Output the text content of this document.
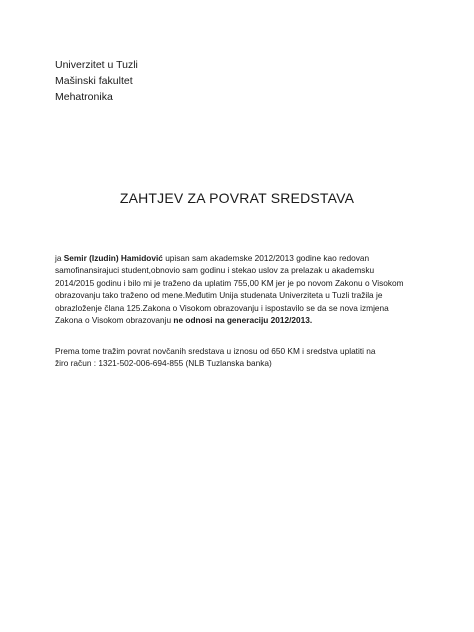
Univerzitet u Tuzli
Mašinski fakultet
Mehatronika
ZAHTJEV ZA POVRAT SREDSTAVA
ja Semir (Izudin) Hamidović upisan sam akademske 2012/2013 godine kao redovan
samofinansirajuci student,obnovio sam godinu i stekao uslov za prelazak u akademsku
2014/2015 godinu i bilo mi je traženo da uplatim 755,00 KM jer je po novom Zakonu o Visokom
obrazovanju tako traženo od mene.Međutim Unija studenata Univerziteta u Tuzli tražila je
obrazloženje člana 125.Zakona o Visokom obrazovanju i ispostavilo se da se nova izmjena
Zakona o Visokom obrazovanju ne odnosi na generaciju 2012/2013.
Prema tome tražim povrat novčanih sredstava u iznosu od 650 KM i sredstva uplatiti na
žiro račun : 1321-502-006-694-855 (NLB Tuzlanska banka)
